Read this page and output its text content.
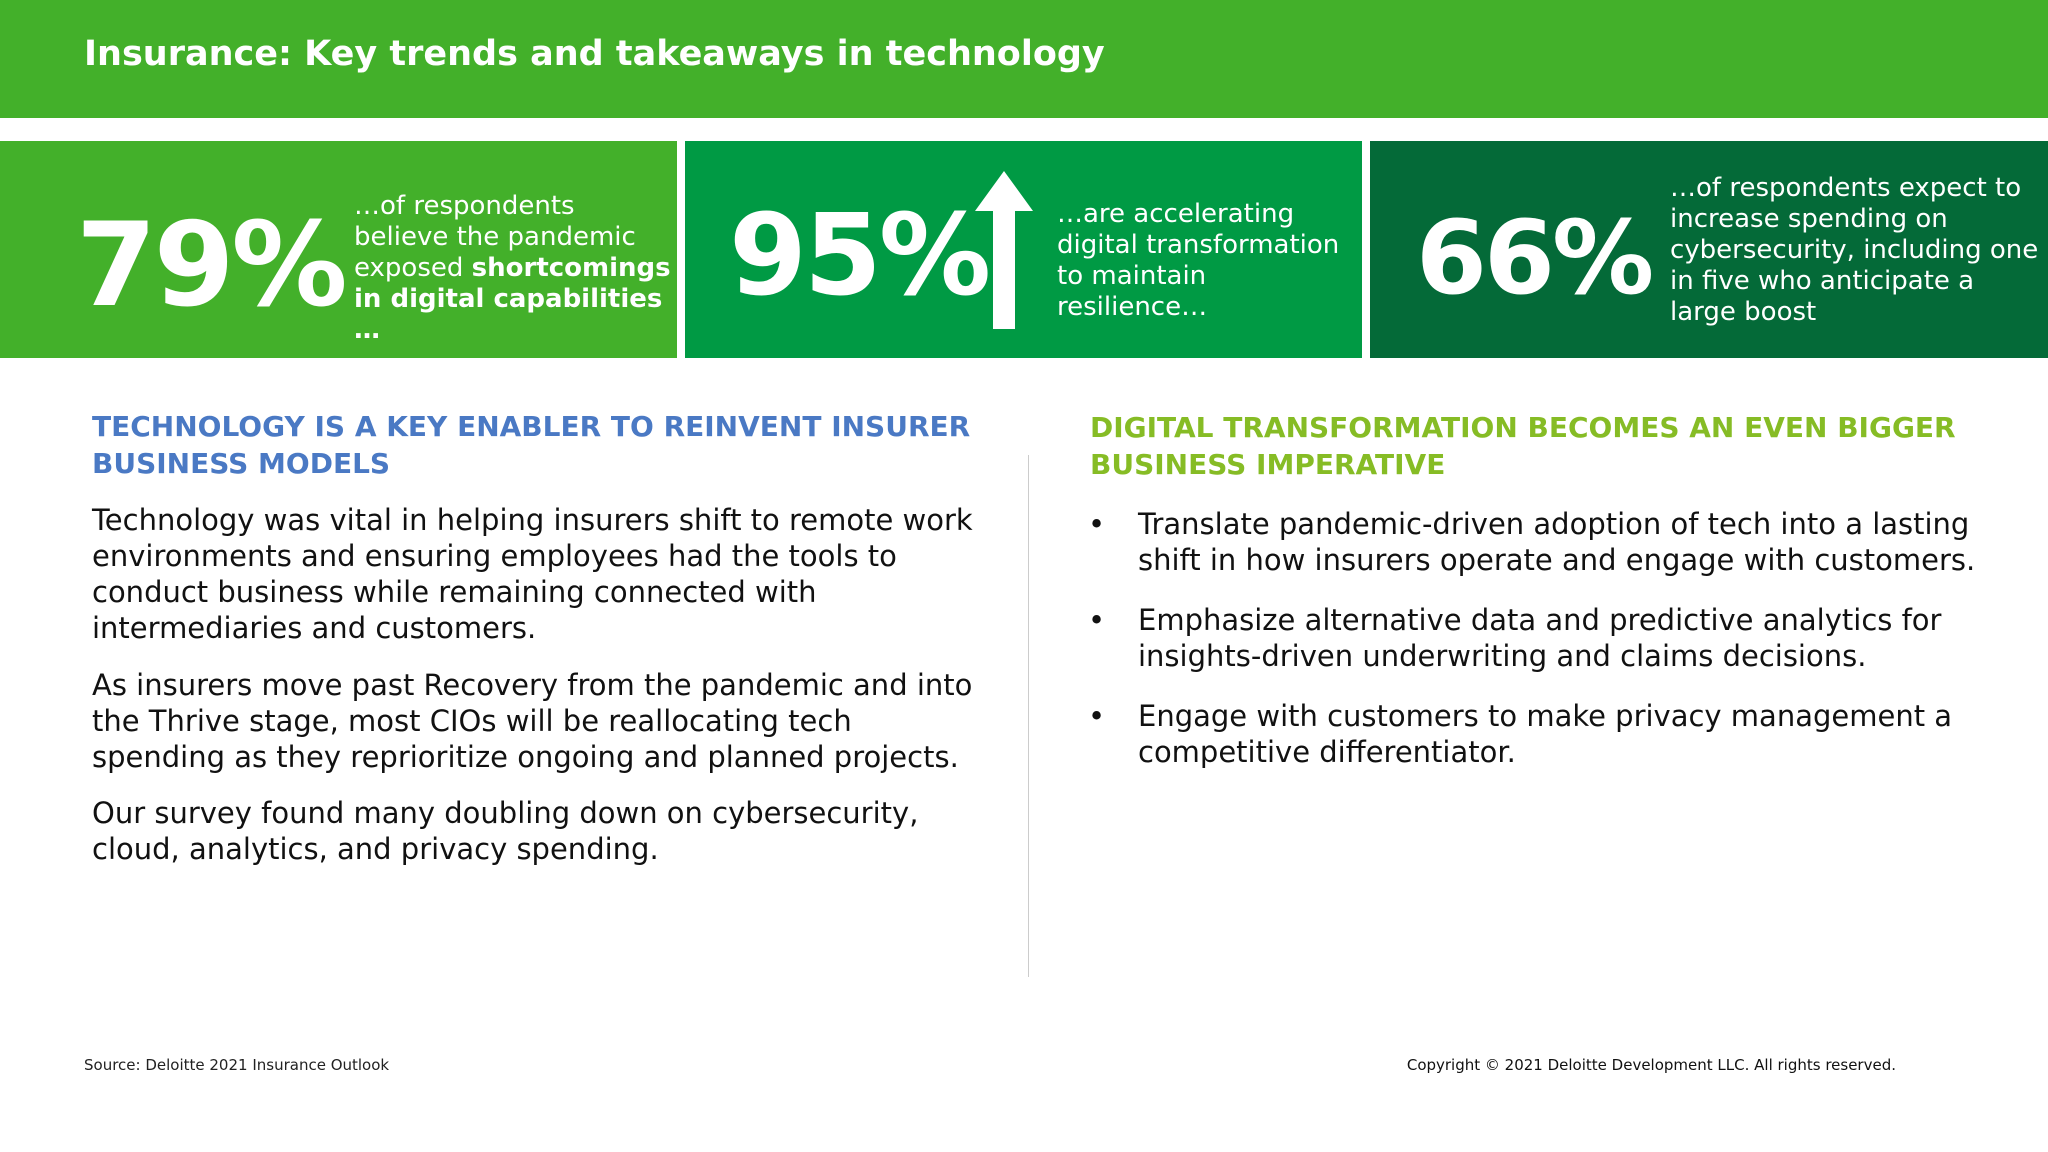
Insurance: Key trends and takeaways in technology
79% …of respondents believe the pandemic exposed shortcomings in digital capabilities …
95%	…are accelerating digital transformation to maintain resilience…	66%
…of respondents expect to increase spending on cybersecurity, including one in five who anticipate a large boost
TECHNOLOGY IS A KEY ENABLER TO REINVENT INSURER BUSINESS MODELS
Technology was vital in helping insurers shift to remote work environments and ensuring employees had the tools to conduct business while remaining connected with intermediaries and customers.
As insurers move past Recovery from the pandemic and into the Thrive stage, most CIOs will be reallocating tech spending as they reprioritize ongoing and planned projects.
Our survey found many doubling down on cybersecurity, cloud, analytics, and privacy spending.
DIGITAL TRANSFORMATION BECOMES AN EVEN BIGGER BUSINESS IMPERATIVE
• Translate pandemic-driven adoption of tech into a lasting shift in how insurers operate and engage with customers.
• Emphasize alternative data and predictive analytics for insights-driven underwriting and claims decisions.
• Engage with customers to make privacy management a competitive differentiator.
Source: Deloitte 2021 Insurance Outlook	Copyright © 2021 Deloitte Development LLC. All rights reserved.
